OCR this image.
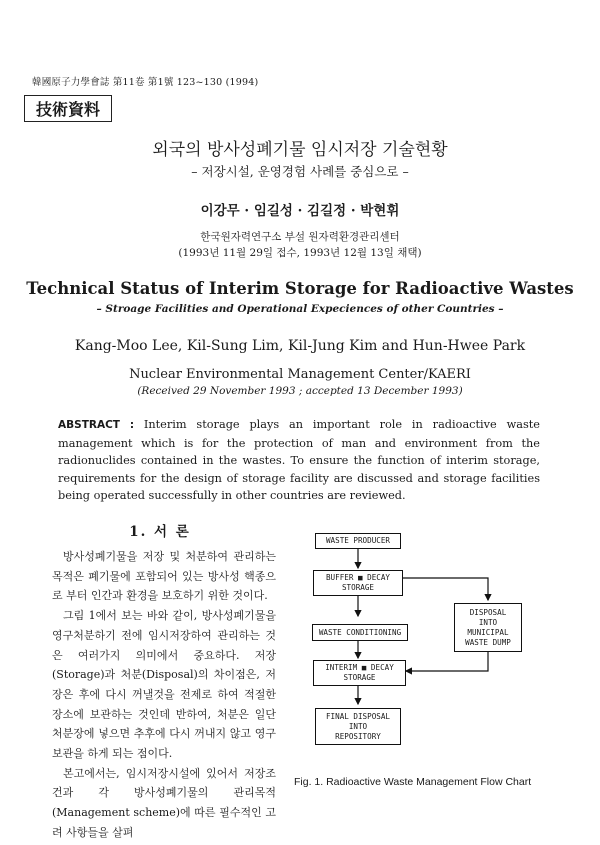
韓國原子力學會誌 第11卷 第1號 123~130 (1994)
技術資料
외국의 방사성폐기물 임시저장 기술현황
– 저장시설, 운영경험 사례를 중심으로 –
이강무 · 임길성 · 김길정 · 박현휘
한국원자력연구소 부설 원자력환경관리센터
(1993년 11월 29일 접수, 1993년 12월 13일 채택)
Technical Status of Interim Storage for Radioactive Wastes
– Stroage Facilities and Operational Expeciences of other Countries –
Kang-Moo Lee, Kil-Sung Lim, Kil-Jung Kim and Hun-Hwee Park
Nuclear Environmental Management Center/KAERI
(Received 29 November 1993 ; accepted 13 December 1993)
ABSTRACT : Interim storage plays an important role in radioactive waste management which is for the protection of man and environment from the radionuclides contained in the wastes. To ensure the function of interim storage, requirements for the design of storage facility are discussed and storage facilities being operated successfully in other countries are reviewed.
1. 서 론

방사성폐기물을 저장 및 처분하여 관리하는 목적은 폐기물에 포함되어 있는 방사성 핵종으로 부터 인간과 환경을 보호하기 위한 것이다.

그림 1에서 보는 바와 같이, 방사성폐기물을 영구처분하기 전에 임시저장하여 관리하는 것은 여러가지 의미에서 중요하다. 저장(Storage)과 처분(Disposal)의 차이점은, 저장은 후에 다시 꺼낼것을 전제로 하여 적절한 장소에 보관하는 것인데 반하여, 처분은 일단 처분장에 넣으면 추후에 다시 꺼내지 않고 영구보관을 하게 되는 점이다.

본고에서는, 임시저장시설에 있어서 저장조건과 각 방사성폐기물의 관리목적(Management scheme)에 따른 필수적인 고려 사항들을 살펴

WASTE PRODUCER
BUFFER ■ DECAY
STORAGE
WASTE CONDITIONING
INTERIM ■ DECAY
STORAGE
FINAL DISPOSAL
INTO
REPOSITORY
DISPOSAL
INTO
MUNICIPAL
WASTE DUMP
Fig. 1. Radioactive Waste Management Flow Chart
